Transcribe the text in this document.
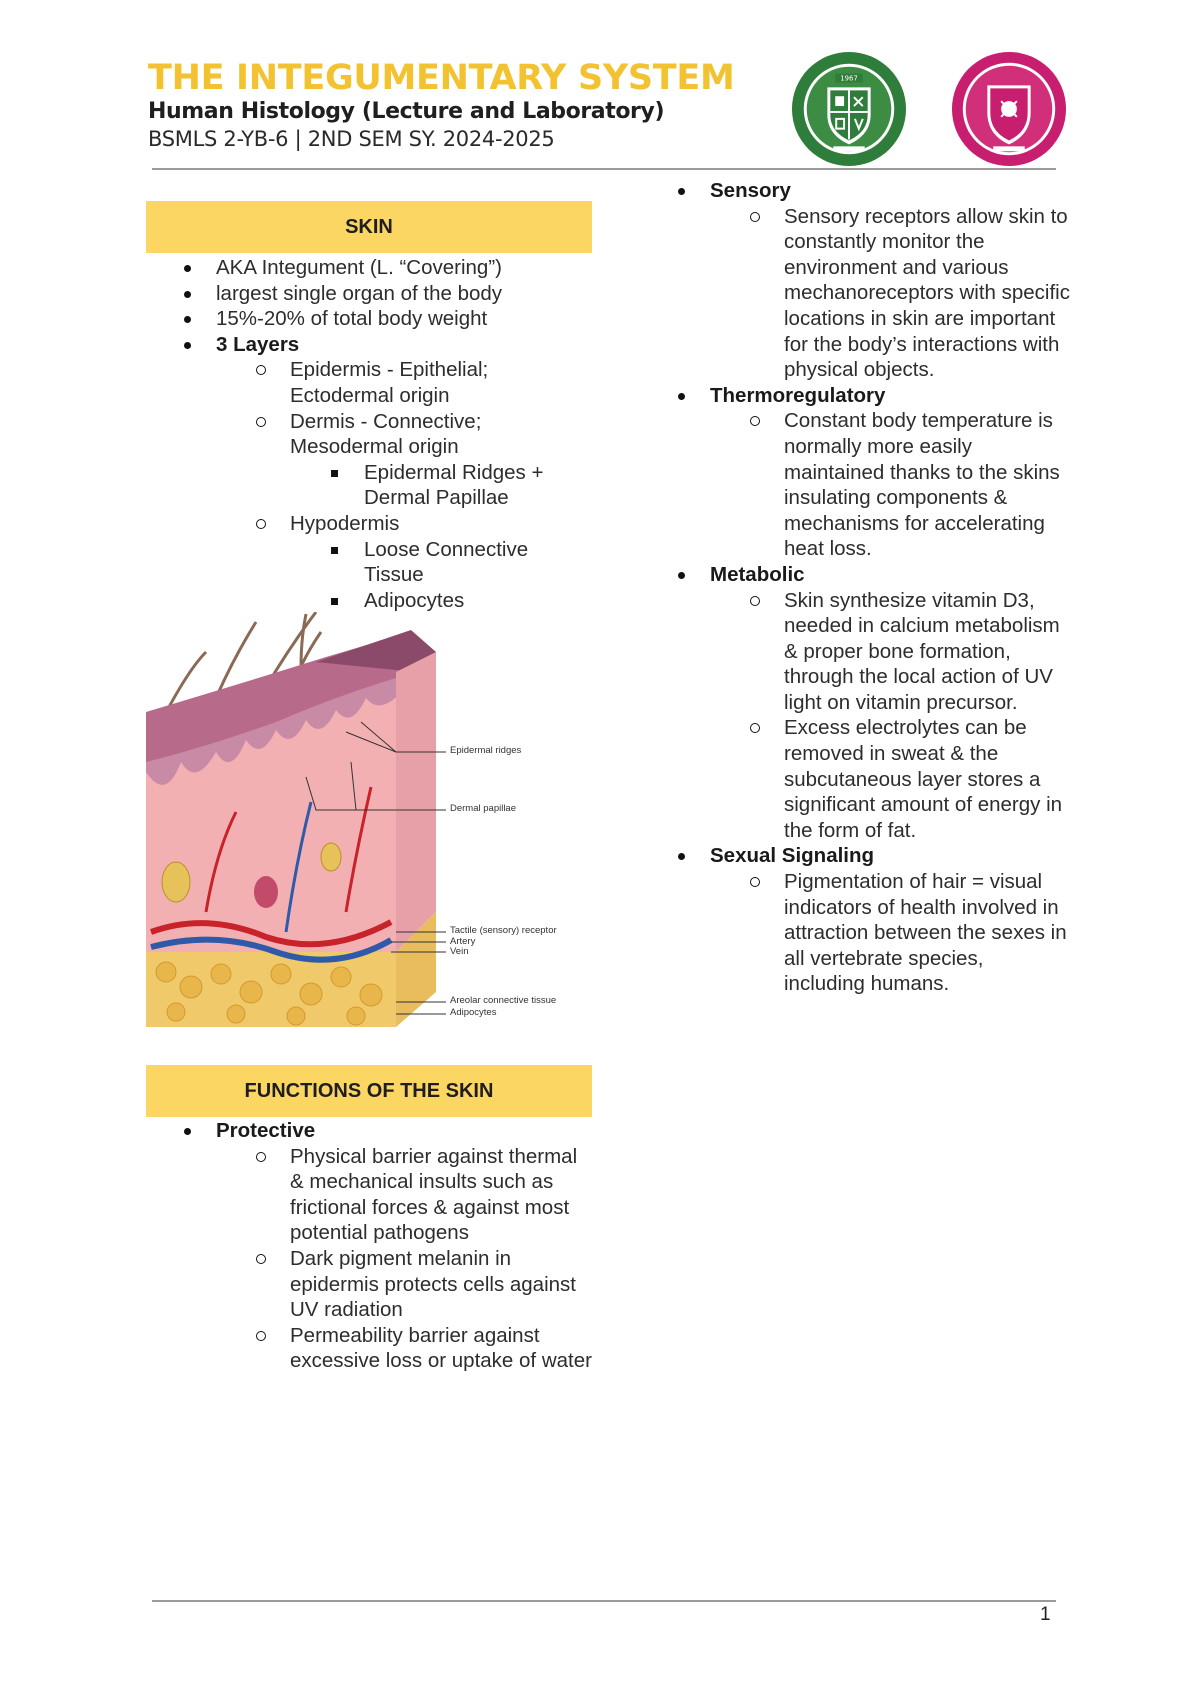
THE INTEGUMENTARY SYSTEM
Human Histology (Lecture and Laboratory)
BSMLS 2-YB-6 | 2ND SEM SY. 2024-2025
1967
SKIN
AKA Integument (L. “Covering”)
largest single organ of the body
15%-20% of total body weight
3 Layers
Epidermis - Epithelial; Ectodermal origin
Dermis - Connective; Mesodermal origin
Epidermal Ridges + Dermal Papillae
Hypodermis
Loose Connective Tissue
Adipocytes
Epidermal ridges
Dermal papillae
Tactile (sensory) receptor
Artery
Vein
Areolar connective tissue
Adipocytes
FUNCTIONS OF THE SKIN
Protective
Physical barrier against thermal & mechanical insults such as frictional forces & against most potential pathogens
Dark pigment melanin in epidermis protects cells against UV radiation
Permeability barrier against excessive loss or uptake of water
Sensory
Sensory receptors allow skin to constantly monitor the environment and various mechanoreceptors with specific locations in skin are important for the body’s interactions with physical objects.
Thermoregulatory
Constant body temperature is normally more easily maintained thanks to the skins insulating components & mechanisms for accelerating heat loss.
Metabolic
Skin synthesize vitamin D3, needed in calcium metabolism & proper bone formation, through the local action of UV light on vitamin precursor.
Excess electrolytes can be removed in sweat & the subcutaneous layer stores a significant amount of energy in the form of fat.
Sexual Signaling
Pigmentation of hair = visual indicators of health involved in attraction between the sexes in all vertebrate species, including humans.
1
